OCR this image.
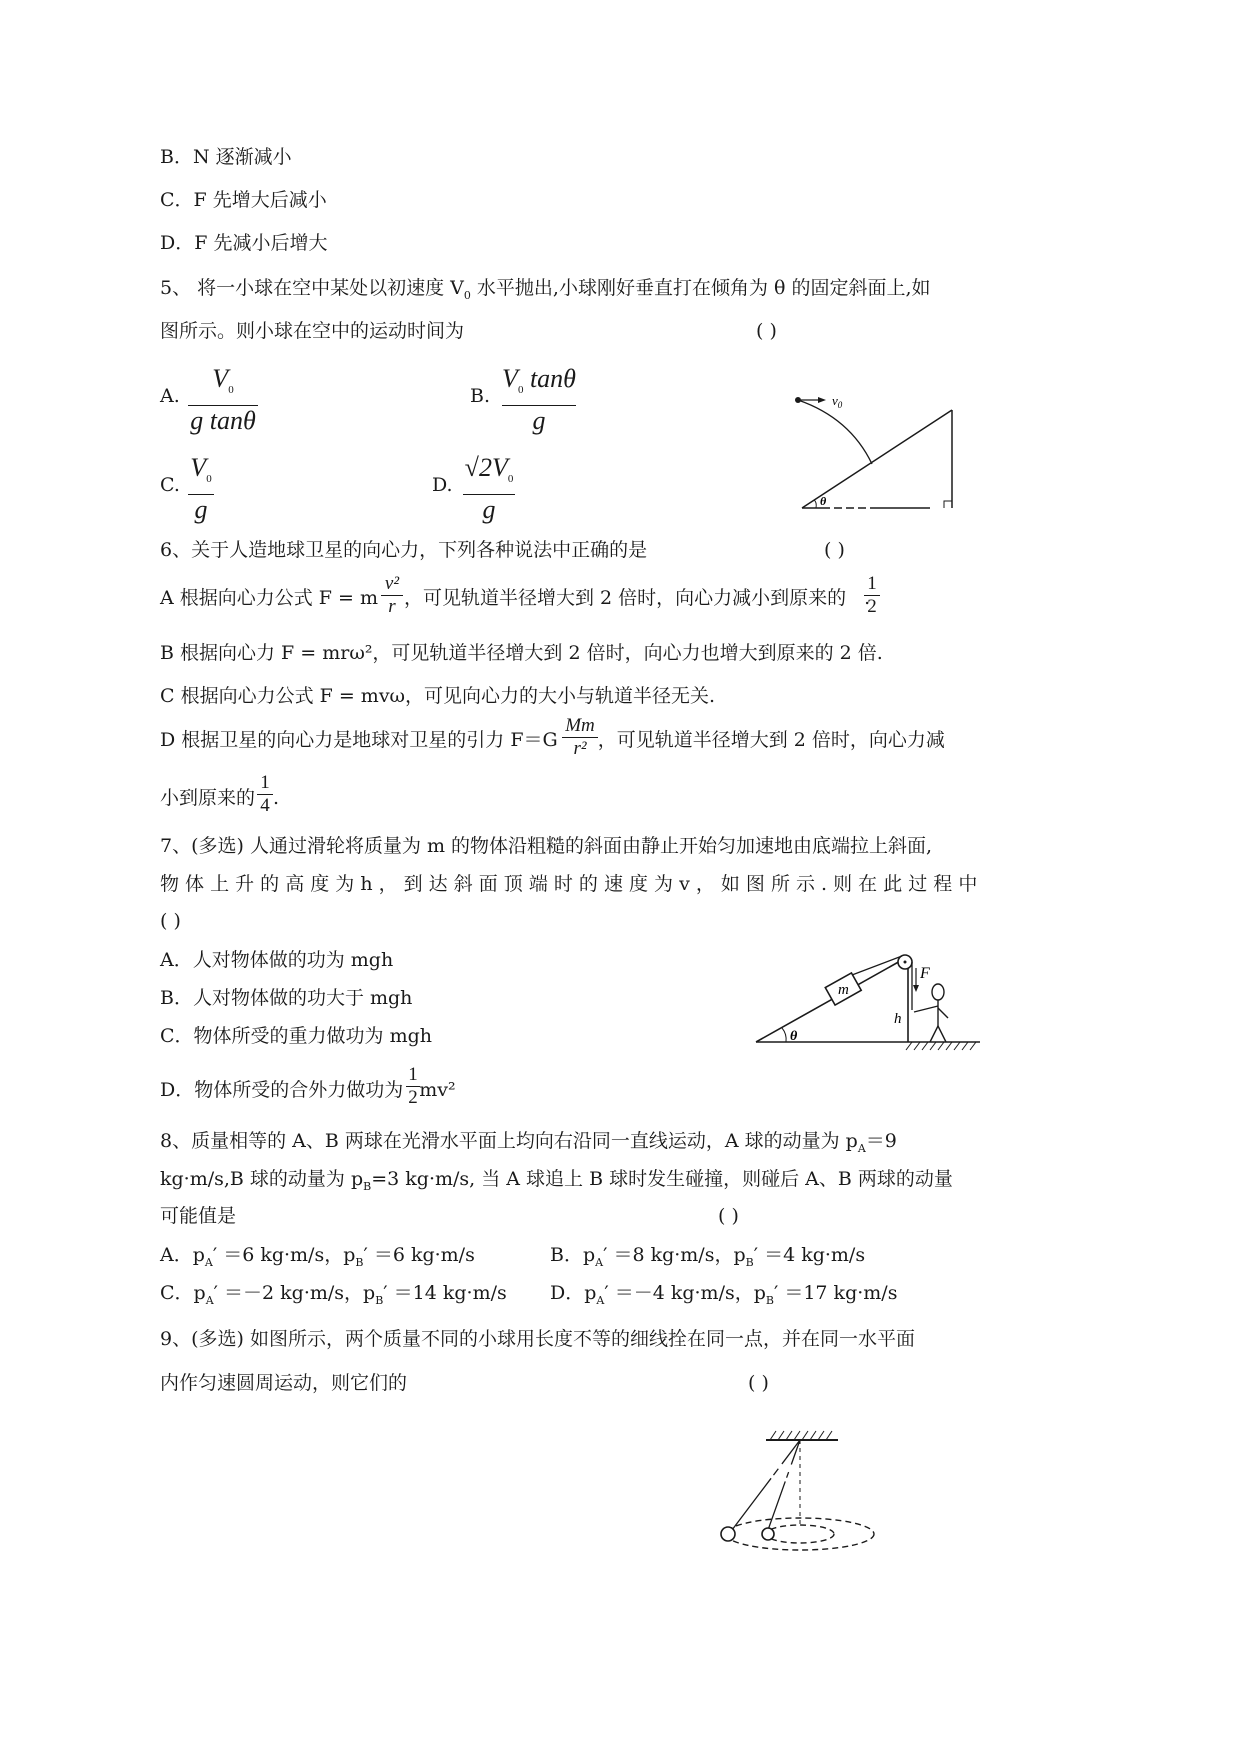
B．N 逐渐减小
C．F 先增大后减小
D．F 先减小后增大
5、 将一小球在空中某处以初速度 $V_0$ 水平抛出,小球刚好垂直打在倾角为 θ 的固定斜面上,如
图所示。则小球在空中的运动时间为	( )
A.
$V_0$
g tanθ
B.
$V_0$ tanθ
g
C.
$V_0$
g
D.
$√2V_0$
g
$v_0$
θ
6、关于人造地球卫星的向心力，下列各种说法中正确的是	( )
A 根据向心力公式 F = m ，可见轨道半径增大到 2 倍时，向心力减小到原来的 .
v²
r
1
2
B 根据向心力 F = mrω²，可见轨道半径增大到 2 倍时，向心力也增大到原来的 2 倍.
C 根据向心力公式 F = mvω，可见向心力的大小与轨道半径无关.
D 根据卫星的向心力是地球对卫星的引力 F＝G ，可见轨道半径增大到 2 倍时，向心力减
Mm
r²
小到原来的 .
1
4
7、(多选) 人通过滑轮将质量为 m 的物体沿粗糙的斜面由静止开始匀加速地由底端拉上斜面,
物 体 上 升 的 高 度 为 h ， 到 达 斜 面 顶 端 时 的 速 度 为 v ， 如 图 所 示 . 则 在 此 过 程 中
( )
A．人对物体做的功为 mgh
B．人对物体做的功大于 mgh
C．物体所受的重力做功为 mgh
D．物体所受的合外力做功为 mv²
1
2
m
F
h
θ
8、质量相等的 A、B 两球在光滑水平面上均向右沿同一直线运动，A 球的动量为 $p_A=9$
kg·m/s,B 球的动量为 $p_B=3$ kg·m/s, 当 A 球追上 B 球时发生碰撞，则碰后 A、B 两球的动量
可能值是	( )
A．$p_A' =6$ kg·m/s，$p_B' =6$ kg·m/s	B．$p_A' =8$ kg·m/s，$p_B' =4$ kg·m/s
C．$p_A' =-2$ kg·m/s，$p_B' =14$ kg·m/s D．$p_A' =-4$ kg·m/s，$p_B' =17$ kg·m/s
9、(多选) 如图所示，两个质量不同的小球用长度不等的细线拴在同一点，并在同一水平面
内作匀速圆周运动，则它们的	( )
